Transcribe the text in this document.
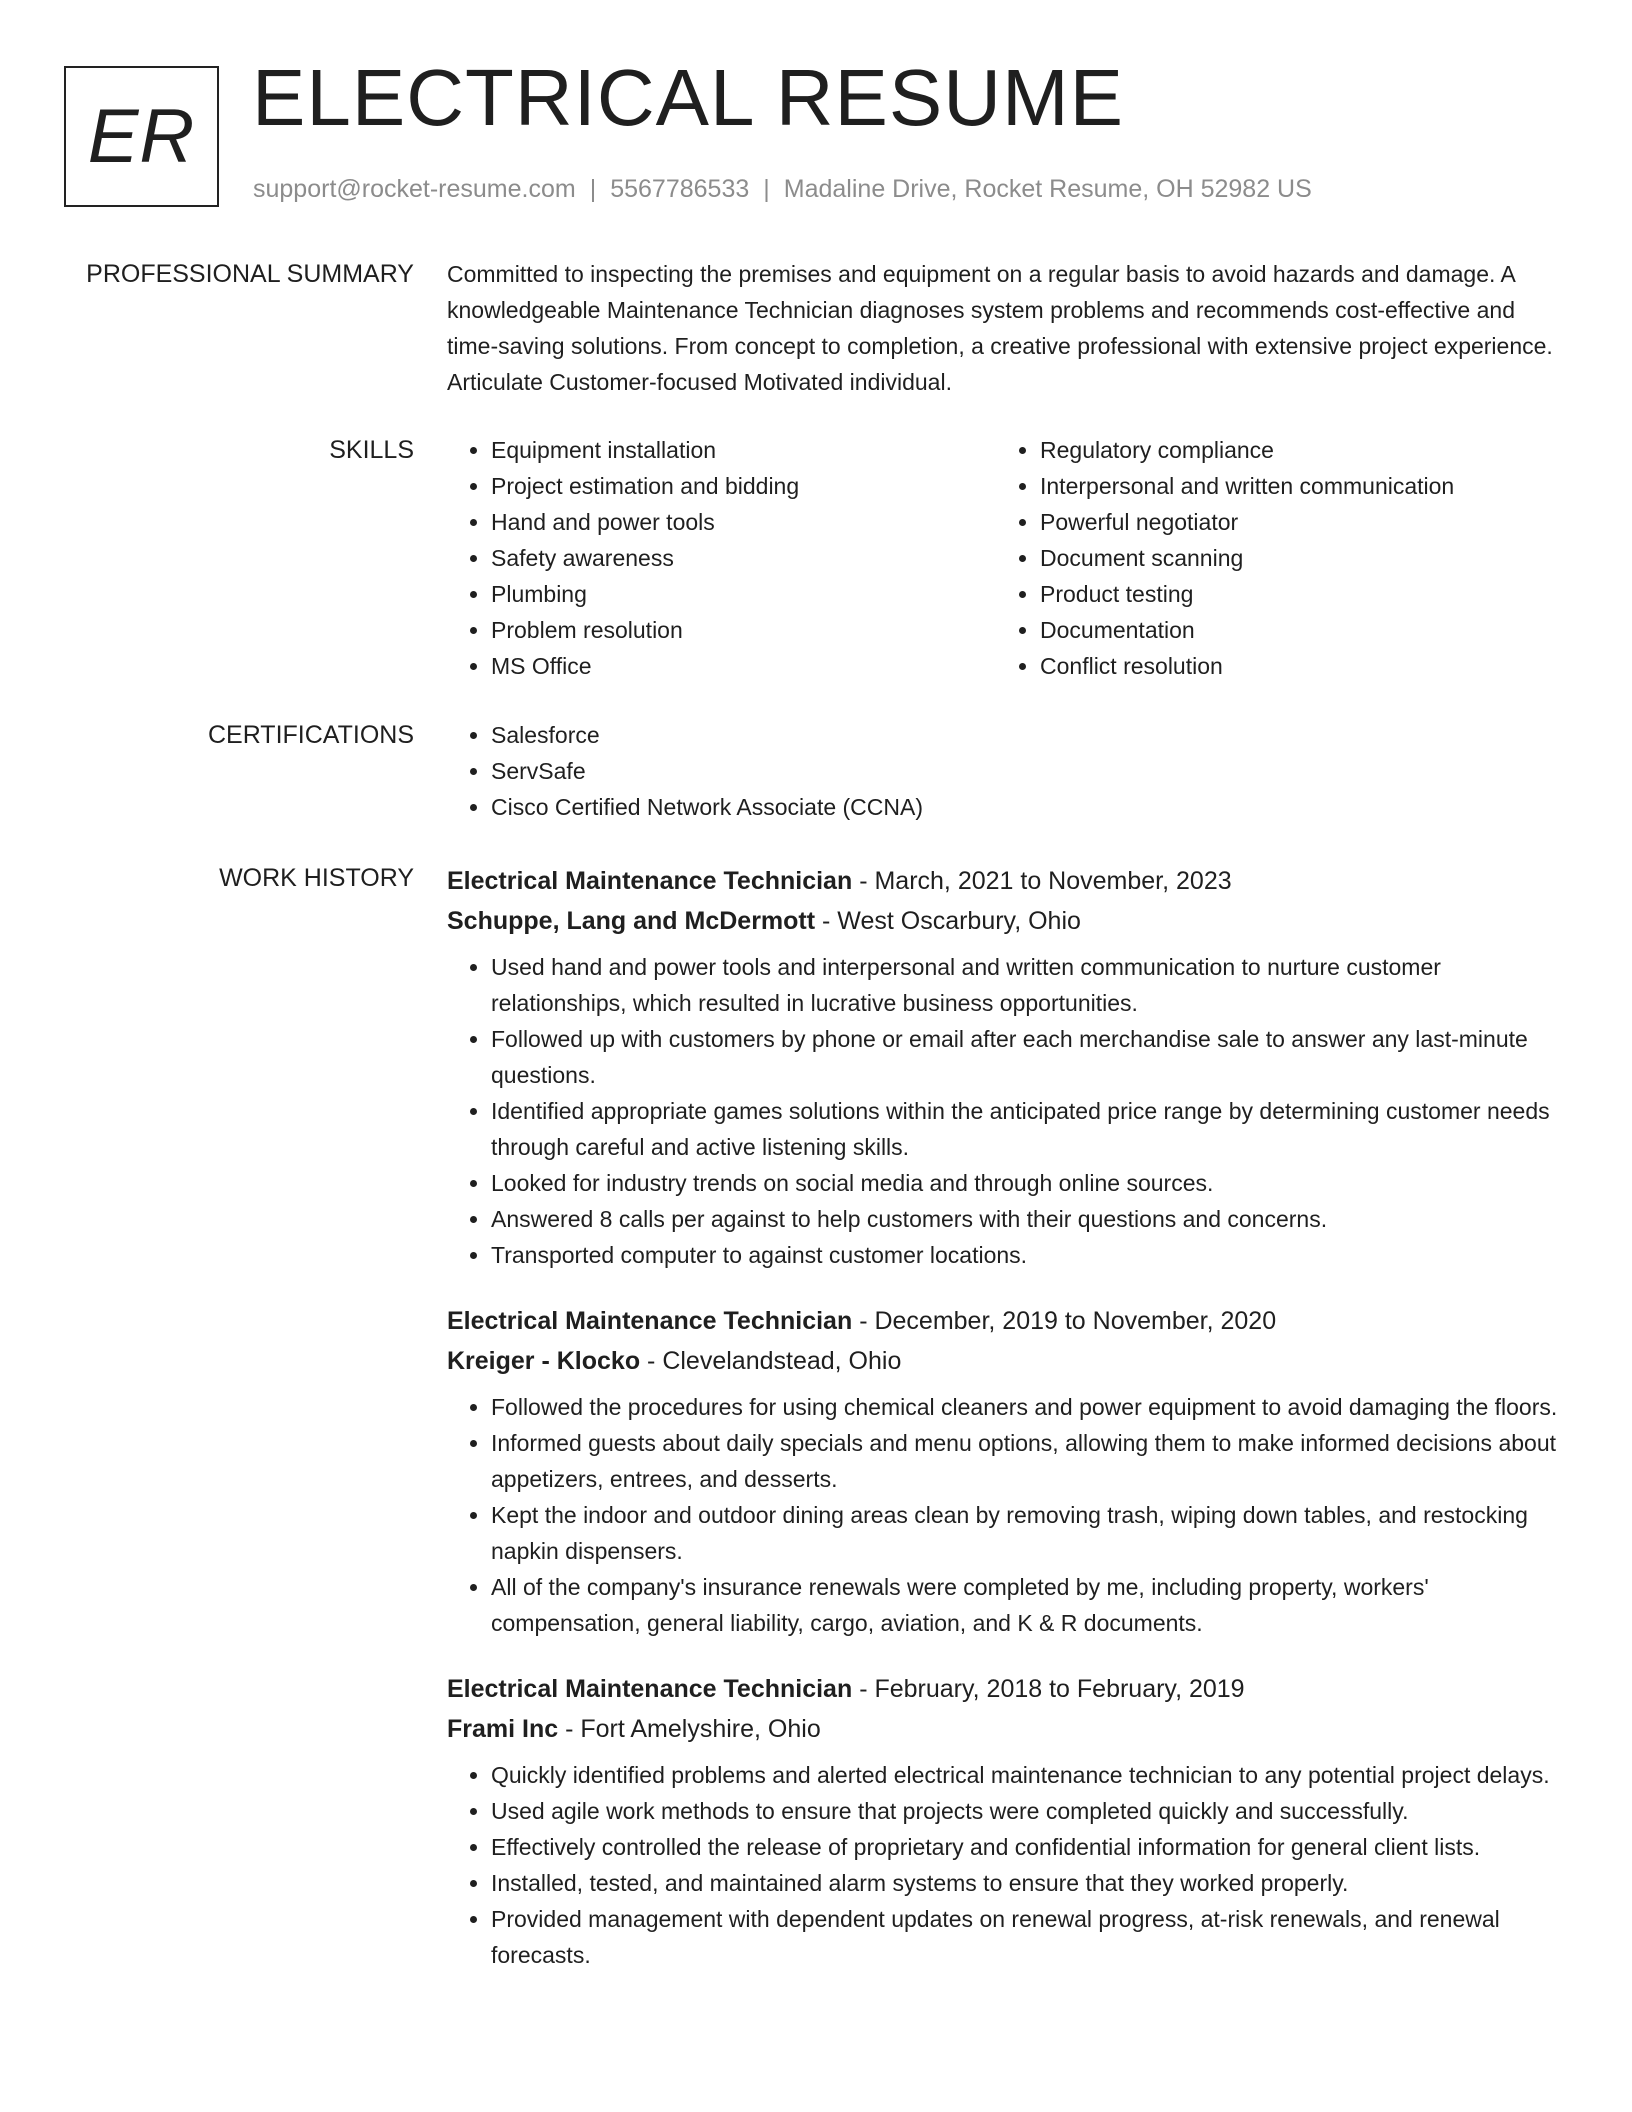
ER ELECTRICAL RESUME
support@rocket-resume.com | 5567786533 | Madaline Drive, Rocket Resume, OH 52982 US
PROFESSIONAL SUMMARY Committed to inspecting the premises and equipment on a regular basis to avoid hazards and damage. A knowledgeable Maintenance Technician diagnoses system problems and recommends cost-effective and time-saving solutions. From concept to completion, a creative professional with extensive project experience. Articulate Customer-focused Motivated individual.
SKILLS	• Equipment installation
• Project estimation and bidding
• Hand and power tools
• Safety awareness
• Plumbing
• Problem resolution
• MS Office
• Regulatory compliance
• Interpersonal and written communication
• Powerful negotiator
• Document scanning
• Product testing
• Documentation
• Conflict resolution
CERTIFICATIONS	• Salesforce
• ServSafe
• Cisco Certified Network Associate (CCNA)
WORK HISTORY Electrical Maintenance Technician - March, 2021 to November, 2023
Schuppe, Lang and McDermott - West Oscarbury, Ohio
• Used hand and power tools and interpersonal and written communication to nurture customer relationships, which resulted in lucrative business opportunities.
• Followed up with customers by phone or email after each merchandise sale to answer any last-minute questions.
• Identified appropriate games solutions within the anticipated price range by determining customer needs through careful and active listening skills.
• Looked for industry trends on social media and through online sources.
• Answered 8 calls per against to help customers with their questions and concerns.
• Transported computer to against customer locations.
Electrical Maintenance Technician - December, 2019 to November, 2020
Kreiger - Klocko - Clevelandstead, Ohio
• Followed the procedures for using chemical cleaners and power equipment to avoid damaging the floors.
• Informed guests about daily specials and menu options, allowing them to make informed decisions about appetizers, entrees, and desserts.
• Kept the indoor and outdoor dining areas clean by removing trash, wiping down tables, and restocking napkin dispensers.
• All of the company's insurance renewals were completed by me, including property, workers' compensation, general liability, cargo, aviation, and K & R documents.
Electrical Maintenance Technician - February, 2018 to February, 2019
Frami Inc - Fort Amelyshire, Ohio
• Quickly identified problems and alerted electrical maintenance technician to any potential project delays.
• Used agile work methods to ensure that projects were completed quickly and successfully.
• Effectively controlled the release of proprietary and confidential information for general client lists.
• Installed, tested, and maintained alarm systems to ensure that they worked properly.
• Provided management with dependent updates on renewal progress, at-risk renewals, and renewal forecasts.
